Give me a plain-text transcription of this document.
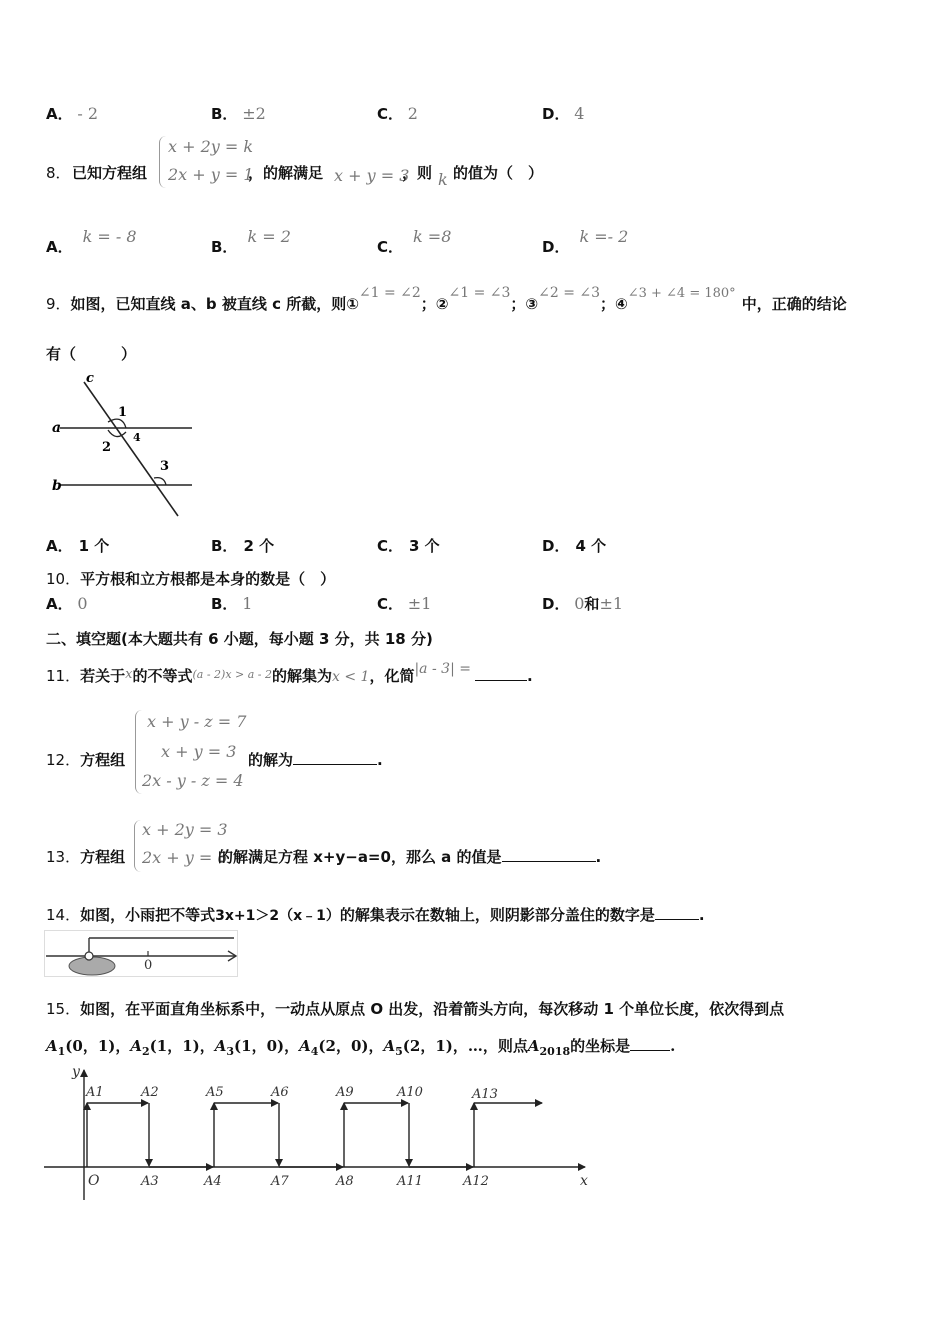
A． - 2	B． ±2	C． 2	D． 4
8． 已知方程组
x + 2y = k
2x + y = 1
，的解满足 x + y = 3
，则 k 的值为（　）
A．k = - 8
B．k = 2
C．k =8
D．k =- 2
9．如图，已知直线 a、b 被直线 c 所截，则①∠1 = ∠2；②∠1 = ∠3；③∠2 = ∠3；④∠3 + ∠4 = 180°中，正确的结论
有（　　　）
c
a
b
1
2
3
4
A． 1 个	B． 2 个	C． 3 个	D． 4 个
10．平方根和立方根都是本身的数是（　）
A． 0	B． 1	C． ±1	D． 0和±1
二、填空题(本大题共有 6 小题，每小题 3 分，共 18 分)
11．若关于x的不等式$^{(a - 2)x > a - 2}$的解集为x < 1，化简|a - 3| =	.
12．方程组
x + y - z = 7
x + y = 3
2x - y - z = 4
的解为	.
13．方程组
x + 2y = 3
2x + y = 6
的解满足方程 x+y−a=0，那么 a 的值是	.
14．如图，小雨把不等式3x+1＞2（x﹣1）的解集表示在数轴上，则阴影部分盖住的数字是	.
0
15．如图，在平面直角坐标系中，一动点从原点 O 出发，沿着箭头方向，每次移动 1 个单位长度，依次得到点
$A_1(0$，1)，$A_2(1$，1)，$A_3(1$，0)，$A_4(2$，0)，$A_5(2$，1)，…，则点$A_{2018}$的坐标是	.
y
x
O
A1	A2	A5	A6	A9	A10	A13
A3	A4	A7	A8	A11	A12
